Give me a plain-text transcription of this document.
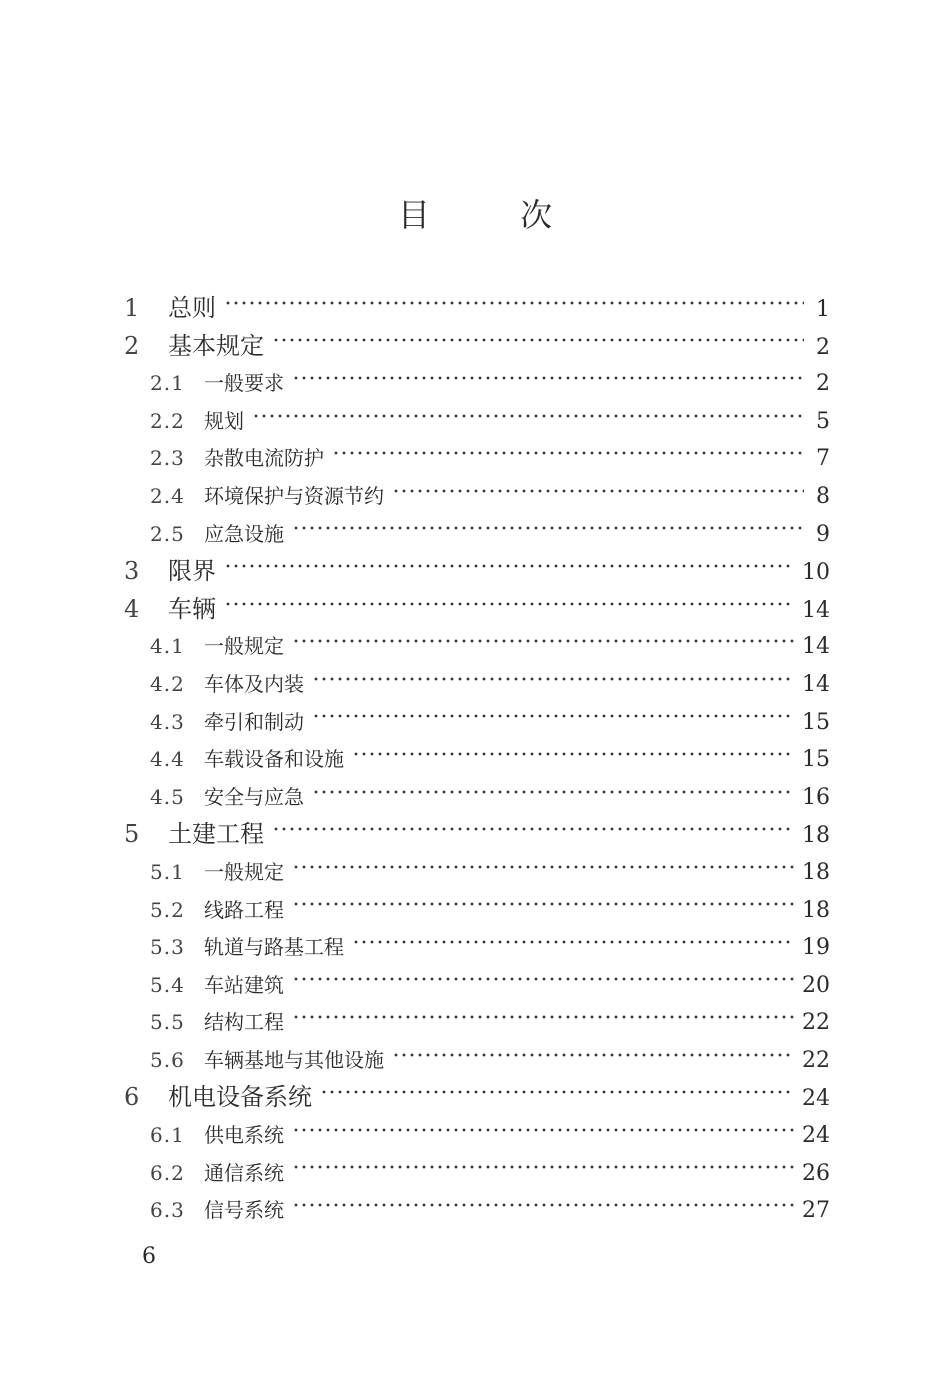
目	次
1	总则	1
2	基本规定	2
2.1 一般要求	2
2.2 规划	5
2.3 杂散电流防护	7
2.4 环境保护与资源节约	8
2.5 应急设施	9
3	限界	10
4	车辆	14
4.1 一般规定	14
4.2 车体及内装	14
4.3 牵引和制动	15
4.4 车载设备和设施	15
4.5 安全与应急	16
5	土建工程	18
5.1 一般规定	18
5.2 线路工程	18
5.3 轨道与路基工程	19
5.4 车站建筑	20
5.5 结构工程	22
5.6 车辆基地与其他设施	22
6	机电设备系统	24
6.1 供电系统	24
6.2 通信系统	26
6.3 信号系统	27
6
